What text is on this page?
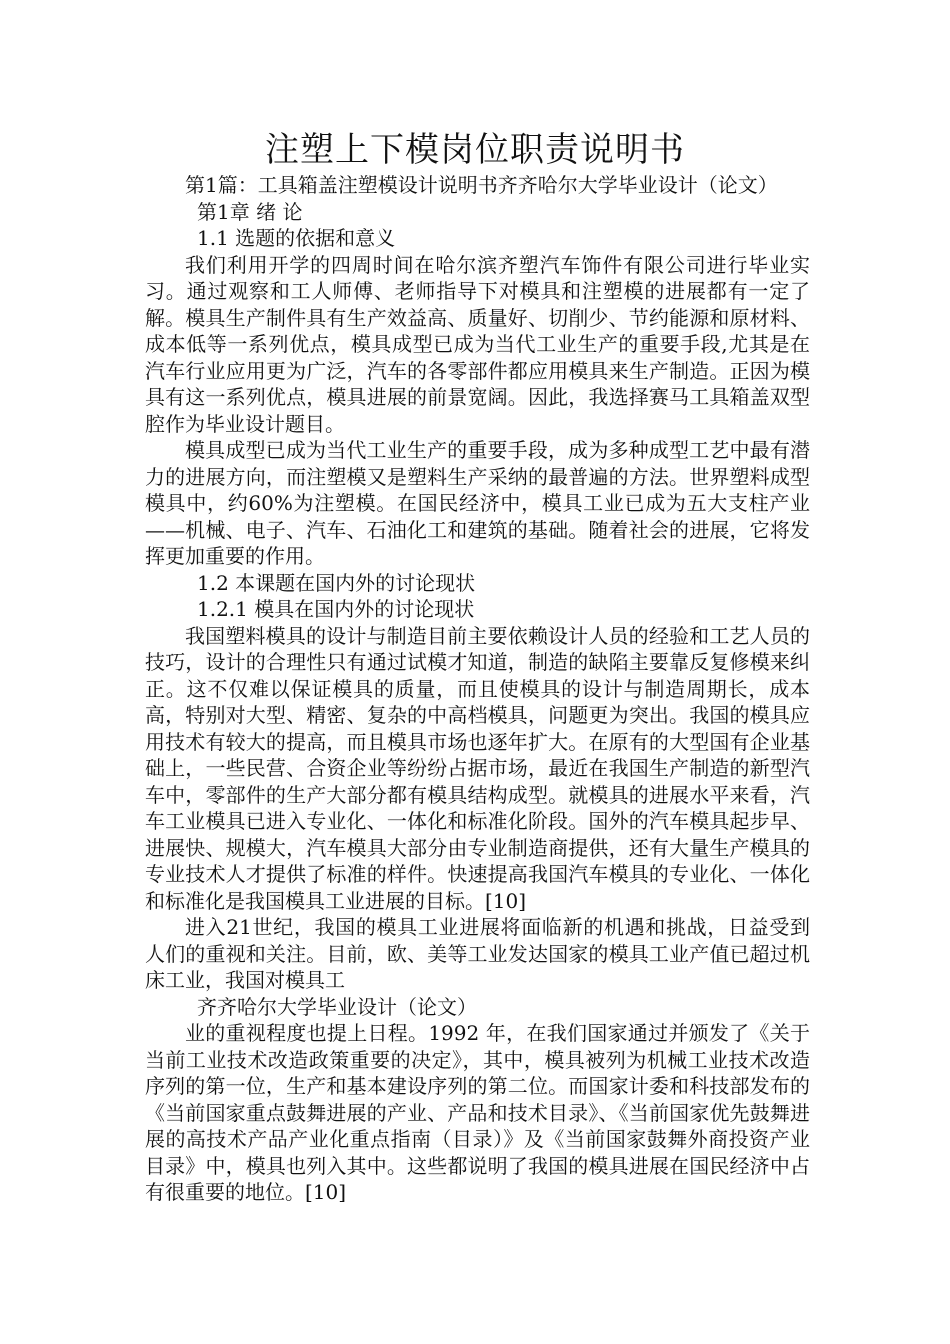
注塑上下模岗位职责说明书

第1篇：工具箱盖注塑模设计说明书齐齐哈尔大学毕业设计（论文）

第1章 绪 论

1.1 选题的依据和意义

我们利用开学的四周时间在哈尔滨齐塑汽车饰件有限公司进行毕业实习。通过观察和工人师傅、老师指导下对模具和注塑模的进展都有一定了解。模具生产制件具有生产效益高、质量好、切削少、节约能源和原材料、成本低等一系列优点，模具成型已成为当代工业生产的重要手段,尤其是在汽车行业应用更为广泛，汽车的各零部件都应用模具来生产制造。正因为模具有这一系列优点，模具进展的前景宽阔。因此，我选择赛马工具箱盖双型腔作为毕业设计题目。

模具成型已成为当代工业生产的重要手段，成为多种成型工艺中最有潜力的进展方向，而注塑模又是塑料生产采纳的最普遍的方法。世界塑料成型模具中，约60%为注塑模。在国民经济中，模具工业已成为五大支柱产业——机械、电子、汽车、石油化工和建筑的基础。随着社会的进展，它将发挥更加重要的作用。

1.2 本课题在国内外的讨论现状

1.2.1 模具在国内外的讨论现状

我国塑料模具的设计与制造目前主要依赖设计人员的经验和工艺人员的技巧，设计的合理性只有通过试模才知道，制造的缺陷主要靠反复修模来纠正。这不仅难以保证模具的质量，而且使模具的设计与制造周期长，成本高，特别对大型、精密、复杂的中高档模具，问题更为突出。我国的模具应用技术有较大的提高，而且模具市场也逐年扩大。在原有的大型国有企业基础上，一些民营、合资企业等纷纷占据市场，最近在我国生产制造的新型汽车中，零部件的生产大部分都有模具结构成型。就模具的进展水平来看，汽车工业模具已进入专业化、一体化和标准化阶段。国外的汽车模具起步早、进展快、规模大，汽车模具大部分由专业制造商提供，还有大量生产模具的专业技术人才提供了标准的样件。快速提高我国汽车模具的专业化、一体化和标准化是我国模具工业进展的目标。[10]

进入21世纪，我国的模具工业进展将面临新的机遇和挑战，日益受到人们的重视和关注。目前，欧、美等工业发达国家的模具工业产值已超过机床工业，我国对模具工

齐齐哈尔大学毕业设计（论文）

业的重视程度也提上日程。1992 年，在我们国家通过并颁发了《关于当前工业技术改造政策重要的决定》，其中，模具被列为机械工业技术改造序列的第一位，生产和基本建设序列的第二位。而国家计委和科技部发布的《当前国家重点鼓舞进展的产业、产品和技术目录》、《当前国家优先鼓舞进展的高技术产品产业化重点指南（目录）》及《当前国家鼓舞外商投资产业目录》中，模具也列入其中。这些都说明了我国的模具进展在国民经济中占有很重要的地位。[10]
